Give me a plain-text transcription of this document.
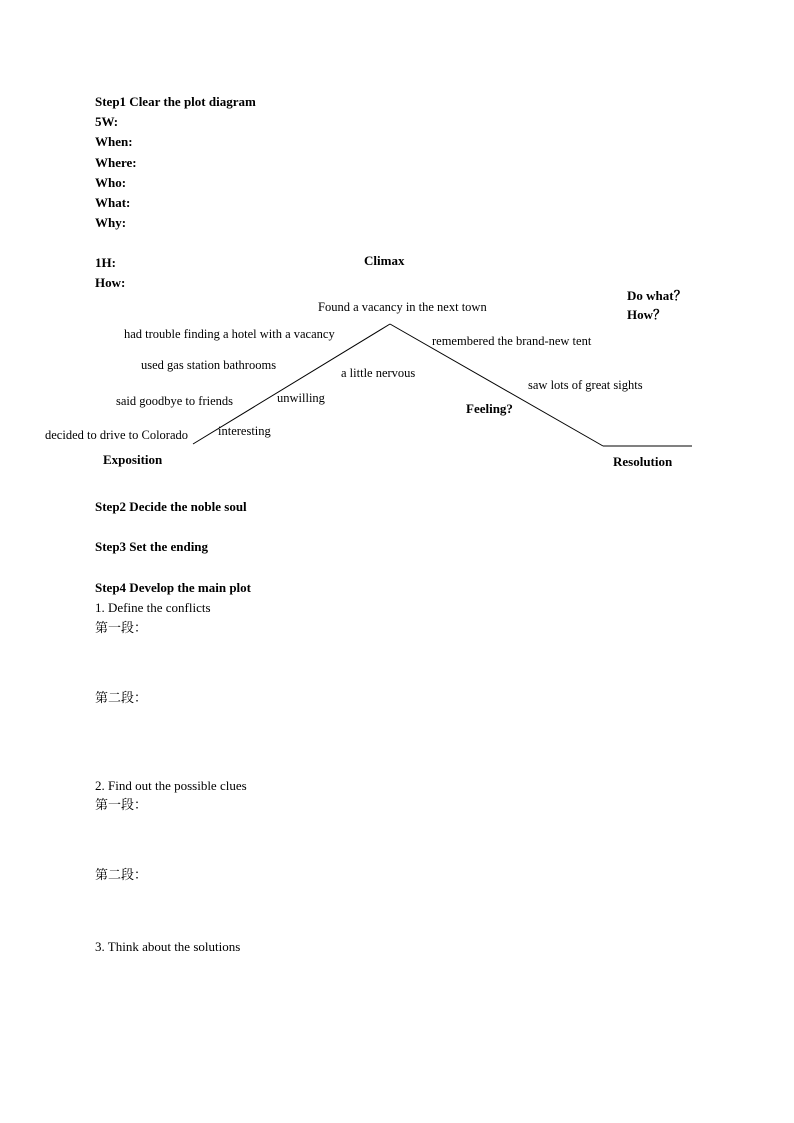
Step1 Clear the plot diagram
5W:
When:
Where:
Who:
What:
Why:
1H:
How:
Climax
Do what？
How？
Found a vacancy in the next town
had trouble finding a hotel with a vacancy	remembered the brand-new tent
used gas station bathrooms
a little nervous
saw lots of great sights
unwilling
said goodbye to friends	Feeling?
interesting
decided to drive to Colorado
Exposition	Resolution
Step2 Decide the noble soul
Step3 Set the ending
Step4 Develop the main plot
1. Define the conflicts
第一段：
第二段：
2. Find out the possible clues
第一段：
第二段：
3. Think about the solutions
